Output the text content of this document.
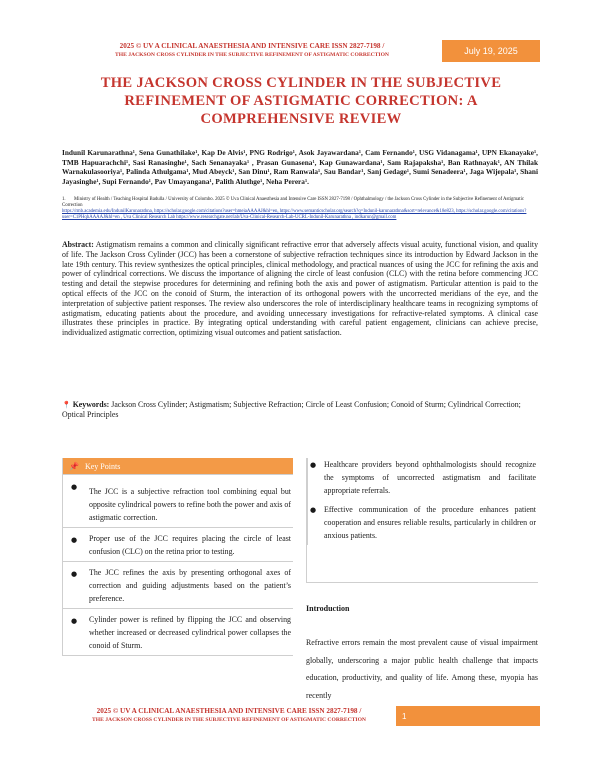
2025 © UV A CLINICAL ANAESTHESIA AND INTENSIVE CARE ISSN 2827-7198 /
THE JACKSON CROSS CYLINDER IN THE SUBJECTIVE REFINEMENT OF ASTIGMATIC CORRECTION	July 19, 2025
THE JACKSON CROSS CYLINDER IN THE SUBJECTIVE REFINEMENT OF ASTIGMATIC CORRECTION: A COMPREHENSIVE REVIEW
Indunil Karunarathna¹, Sena Gunathilake¹, Kap De Alvis¹, PNG Rodrigo¹, Asok Jayawardana¹, Cam Fernando¹, USG Vidanagama¹, UPN Ekanayake¹, TMB Hapuarachchi¹, Sasi Ranasinghe¹, Sach Senanayaka¹ , Prasan Gunasena¹, Kap Gunawardana¹, Sam Rajapaksha¹, Ban Rathnayak¹, AN Thilak Warnakulasooriya¹, Palinda Athulgama¹, Mud Abeyck¹, San Dinu¹, Ram Ranwala¹, Sau Bandar¹, Sanj Gedage¹, Sumi Senadeera¹, Jaga Wijepala¹, Shani Jayasinghe¹, Supi Fernando¹, Pav Umayangana¹, Palith Aluthge¹, Neha Perera¹.
1. Ministry of Health / Teaching Hospital Badulla / University of Colombo. 2025 © Uva Clinical Anaesthesia and Intensive Care ISSN 2827-7198 / Ophthalmology / the Jackson Cross Cylinder in the Subjective Refinement of Astigmatic Correction
https://rmb.academia.edu/IndunilKarunarathna, https://scholar.google.com/citations?user=hmeiaAAAAJ&hl=en, https://www.semanticscholar.org/search?q=Indunil-karunarathna&sort=relevance&18e823, https://scholar.google.com/citations?user=C1PHqhAAAAJ&hl=en , Uva Clinical Research Lab https://www.researchgate.net/lab/Uva-Clinical-Research-Lab-UCRL-Indunil-Karunarathna , indkarun@gmail.com
Abstract: Astigmatism remains a common and clinically significant refractive error that adversely affects visual acuity, functional vision, and quality of life. The Jackson Cross Cylinder (JCC) has been a cornerstone of subjective refraction techniques since its introduction by Edward Jackson in the late 19th century. This review synthesizes the optical principles, clinical methodology, and practical nuances of using the JCC for refining the axis and power of cylindrical corrections. We discuss the importance of aligning the circle of least confusion (CLC) with the retina before commencing JCC testing and detail the stepwise procedures for determining and refining both the axis and power of astigmatism. Particular attention is paid to the optical effects of the JCC on the conoid of Sturm, the interaction of its orthogonal powers with the uncorrected meridians of the eye, and the interpretation of subjective patient responses. The review also underscores the role of interdisciplinary healthcare teams in recognizing symptoms of astigmatism, educating patients about the procedure, and avoiding unnecessary investigations for refractive-related symptoms. A clinical case illustrates these principles in practice. By integrating optical understanding with careful patient engagement, clinicians can achieve precise, individualized astigmatic correction, optimizing visual outcomes and patient satisfaction.
📍 Keywords: Jackson Cross Cylinder; Astigmatism; Subjective Refraction; Circle of Least Confusion; Conoid of Sturm; Cylindrical Correction; Optical Principles
📌 Key Points
● The JCC is a subjective refraction tool combining equal but opposite cylindrical powers to refine both the power and axis of astigmatic correction.
● Proper use of the JCC requires placing the circle of least confusion (CLC) on the retina prior to testing.
● The JCC refines the axis by presenting orthogonal axes of correction and guiding adjustments based on the patient’s preference.
● Cylinder power is refined by flipping the JCC and observing whether increased or decreased cylindrical power collapses the conoid of Sturm.
● Healthcare providers beyond ophthalmologists should recognize the symptoms of uncorrected astigmatism and facilitate appropriate referrals.
● Effective communication of the procedure enhances patient cooperation and ensures reliable results, particularly in children or anxious patients.
Introduction
Refractive errors remain the most prevalent cause of visual impairment globally, underscoring a major public health challenge that impacts education, productivity, and quality of life. Among these, myopia has recently
2025 © UV A CLINICAL ANAESTHESIA AND INTENSIVE CARE ISSN 2827-7198 /
THE JACKSON CROSS CYLINDER IN THE SUBJECTIVE REFINEMENT OF ASTIGMATIC CORRECTION	1
